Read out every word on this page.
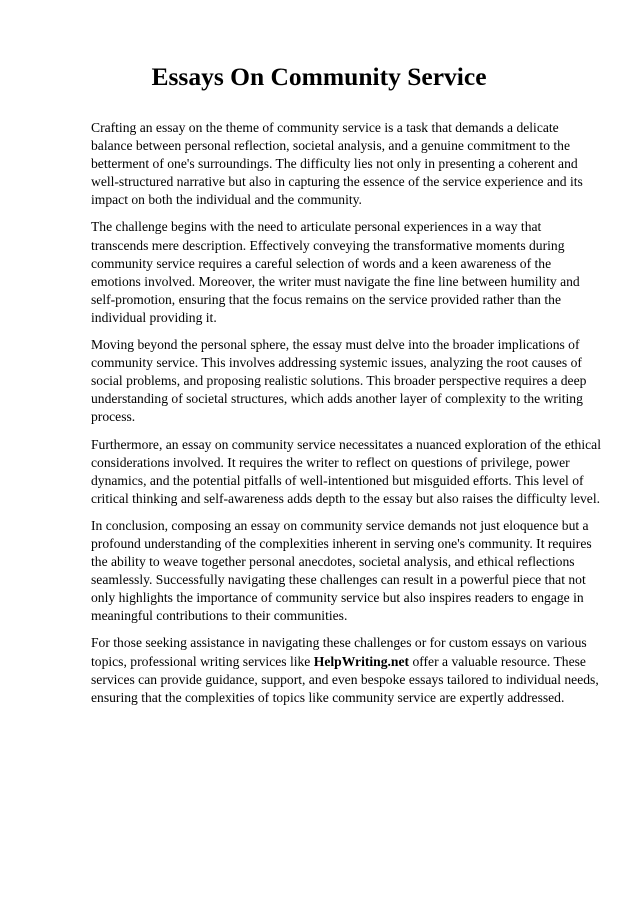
Essays On Community Service

Crafting an essay on the theme of community service is a task that demands a delicate balance between personal reflection, societal analysis, and a genuine commitment to the betterment of one's surroundings. The difficulty lies not only in presenting a coherent and well-structured narrative but also in capturing the essence of the service experience and its impact on both the individual and the community.

The challenge begins with the need to articulate personal experiences in a way that transcends mere description. Effectively conveying the transformative moments during community service requires a careful selection of words and a keen awareness of the emotions involved. Moreover, the writer must navigate the fine line between humility and self-promotion, ensuring that the focus remains on the service provided rather than the individual providing it.

Moving beyond the personal sphere, the essay must delve into the broader implications of community service. This involves addressing systemic issues, analyzing the root causes of social problems, and proposing realistic solutions. This broader perspective requires a deep understanding of societal structures, which adds another layer of complexity to the writing process.

Furthermore, an essay on community service necessitates a nuanced exploration of the ethical considerations involved. It requires the writer to reflect on questions of privilege, power dynamics, and the potential pitfalls of well-intentioned but misguided efforts. This level of critical thinking and self-awareness adds depth to the essay but also raises the difficulty level.

In conclusion, composing an essay on community service demands not just eloquence but a profound understanding of the complexities inherent in serving one's community. It requires the ability to weave together personal anecdotes, societal analysis, and ethical reflections seamlessly. Successfully navigating these challenges can result in a powerful piece that not only highlights the importance of community service but also inspires readers to engage in meaningful contributions to their communities.

For those seeking assistance in navigating these challenges or for custom essays on various topics, professional writing services like HelpWriting.net offer a valuable resource. These services can provide guidance, support, and even bespoke essays tailored to individual needs, ensuring that the complexities of topics like community service are expertly addressed.
